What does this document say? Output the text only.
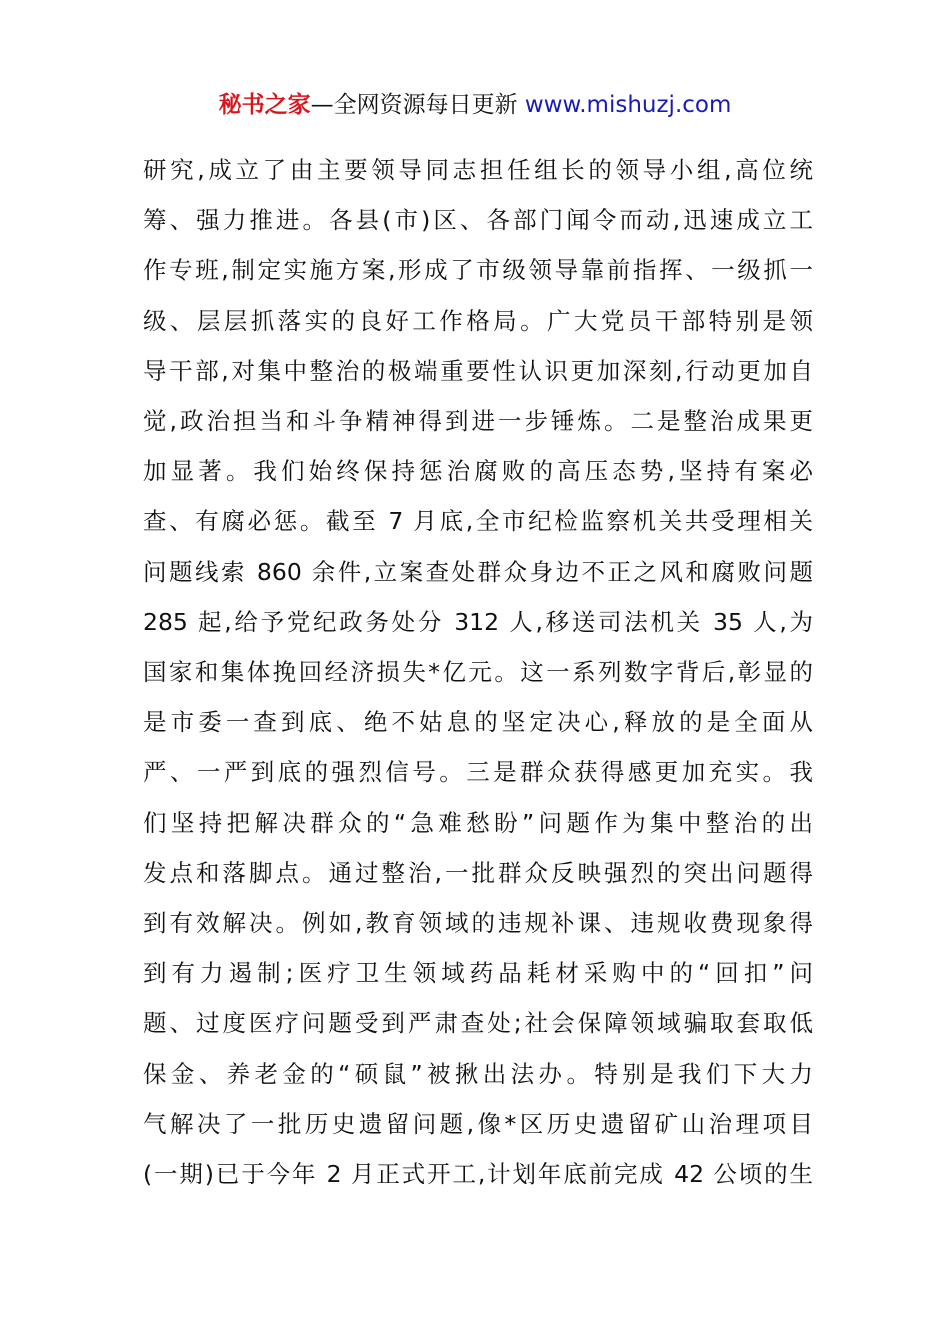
秘书之家—全网资源每日更新 www.mishuzj.com
研究,成立了由主要领导同志担任组长的领导小组,高位统
筹、强力推进。各县(市)区、各部门闻令而动,迅速成立工
作专班,制定实施方案,形成了市级领导靠前指挥、一级抓一
级、层层抓落实的良好工作格局。广大党员干部特别是领
导干部,对集中整治的极端重要性认识更加深刻,行动更加自
觉,政治担当和斗争精神得到进一步锤炼。二是整治成果更
加显著。我们始终保持惩治腐败的高压态势,坚持有案必
查、有腐必惩。截至 7 月底,全市纪检监察机关共受理相关
问题线索 860 余件,立案查处群众身边不正之风和腐败问题
285 起,给予党纪政务处分 312 人,移送司法机关 35 人,为
国家和集体挽回经济损失*亿元。这一系列数字背后,彰显的
是市委一查到底、绝不姑息的坚定决心,释放的是全面从
严、一严到底的强烈信号。三是群众获得感更加充实。我
们坚持把解决群众的“急难愁盼”问题作为集中整治的出
发点和落脚点。通过整治,一批群众反映强烈的突出问题得
到有效解决。例如,教育领域的违规补课、违规收费现象得
到有力遏制;医疗卫生领域药品耗材采购中的“回扣”问
题、过度医疗问题受到严肃查处;社会保障领域骗取套取低
保金、养老金的“硕鼠”被揪出法办。特别是我们下大力
气解决了一批历史遗留问题,像*区历史遗留矿山治理项目
(一期)已于今年 2 月正式开工,计划年底前完成 42 公顷的生
